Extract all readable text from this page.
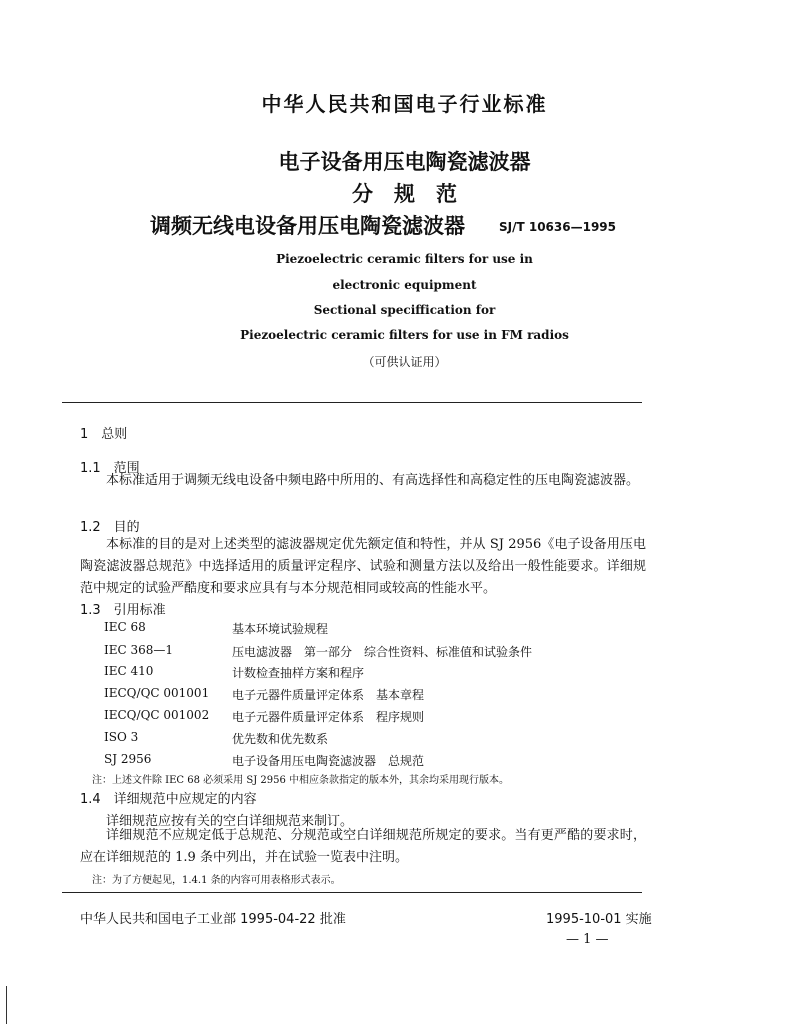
中华人民共和国电子行业标准
电子设备用压电陶瓷滤波器
分　规　范
调频无线电设备用压电陶瓷滤波器	SJ/T 10636—1995
Piezoelectric ceramic filters for use in
electronic equipment
Sectional speciffication for
Piezoelectric ceramic filters for use in FM radios
（可供认证用）
1　总则
1.1　范围
本标准适用于调频无线电设备中频电路中所用的、有高选择性和高稳定性的压电陶瓷滤波器。
1.2　目的
本标准的目的是对上述类型的滤波器规定优先额定值和特性，并从 SJ 2956《电子设备用压电陶瓷滤波器总规范》中选择适用的质量评定程序、试验和测量方法以及给出一般性能要求。详细规范中规定的试验严酷度和要求应具有与本分规范相同或较高的性能水平。
1.3　引用标准
IEC 68	基本环境试验规程
IEC 368—1	压电滤波器　第一部分　综合性资料、标准值和试验条件
IEC 410	计数检查抽样方案和程序
IECQ/QC 001001 电子元器件质量评定体系　基本章程
IECQ/QC 001002 电子元器件质量评定体系　程序规则
ISO 3	优先数和优先数系
SJ 2956	电子设备用压电陶瓷滤波器　总规范
注：上述文件除 IEC 68 必须采用 SJ 2956 中相应条款指定的版本外，其余均采用现行版本。
1.4　详细规范中应规定的内容
详细规范应按有关的空白详细规范来制订。
详细规范不应规定低于总规范、分规范或空白详细规范所规定的要求。当有更严酷的要求时，应在详细规范的 1.9 条中列出，并在试验一览表中注明。
注：为了方便起见，1.4.1 条的内容可用表格形式表示。
中华人民共和国电子工业部 1995-04-22 批准	1995-10-01 实施
— 1 —
